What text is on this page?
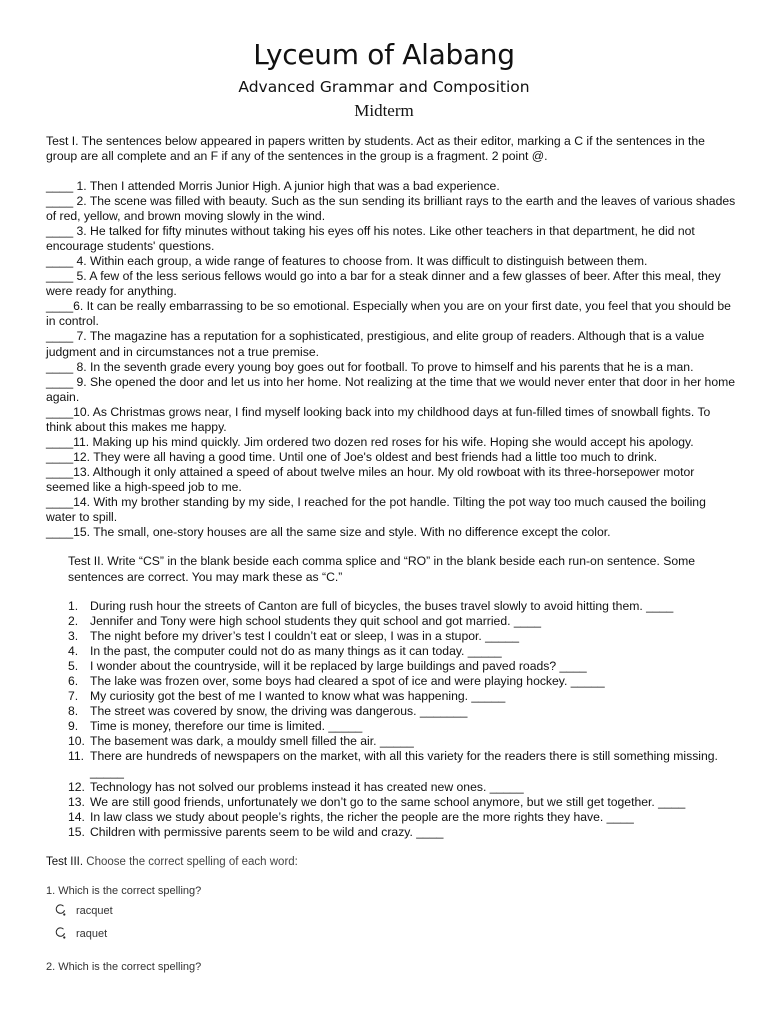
Lyceum of Alabang
Advanced Grammar and Composition
Midterm
Test I. The sentences below appeared in papers written by students. Act as their editor, marking a C if the sentences in the group are all complete and an F if any of the sentences in the group is a fragment. 2 point @.
____ 1. Then I attended Morris Junior High. A junior high that was a bad experience.
____ 2. The scene was filled with beauty. Such as the sun sending its brilliant rays to the earth and the leaves of various shades of red, yellow, and brown moving slowly in the wind.
____ 3. He talked for fifty minutes without taking his eyes off his notes. Like other teachers in that department, he did not encourage students' questions.
____ 4. Within each group, a wide range of features to choose from. It was difficult to distinguish between them.
____ 5. A few of the less serious fellows would go into a bar for a steak dinner and a few glasses of beer. After this meal, they were ready for anything.
____6. It can be really embarrassing to be so emotional. Especially when you are on your first date, you feel that you should be in control.
____ 7. The magazine has a reputation for a sophisticated, prestigious, and elite group of readers. Although that is a value judgment and in circumstances not a true premise.
____ 8. In the seventh grade every young boy goes out for football. To prove to himself and his parents that he is a man.
____ 9. She opened the door and let us into her home. Not realizing at the time that we would never enter that door in her home again.
____10. As Christmas grows near, I find myself looking back into my childhood days at fun-filled times of snowball fights. To think about this makes me happy.
____11. Making up his mind quickly. Jim ordered two dozen red roses for his wife. Hoping she would accept his apology.
____12. They were all having a good time. Until one of Joe's oldest and best friends had a little too much to drink.
____13. Although it only attained a speed of about twelve miles an hour. My old rowboat with its three-horsepower motor seemed like a high-speed job to me.
____14. With my brother standing by my side, I reached for the pot handle. Tilting the pot way too much caused the boiling water to spill.
____15. The small, one-story houses are all the same size and style. With no difference except the color.
Test II. Write “CS” in the blank beside each comma splice and “RO” in the blank beside each run-on sentence. Some sentences are correct. You may mark these as “C.”
1. During rush hour the streets of Canton are full of bicycles, the buses travel slowly to avoid hitting them. ____
2. Jennifer and Tony were high school students they quit school and got married. ____
3. The night before my driver’s test I couldn’t eat or sleep, I was in a stupor. _____
4. In the past, the computer could not do as many things as it can today. _____
5. I wonder about the countryside, will it be replaced by large buildings and paved roads? ____
6. The lake was frozen over, some boys had cleared a spot of ice and were playing hockey. _____
7. My curiosity got the best of me I wanted to know what was happening. _____
8. The street was covered by snow, the driving was dangerous. _______
9. Time is money, therefore our time is limited. _____
10. The basement was dark, a mouldy smell filled the air. _____
11. There are hundreds of newspapers on the market, with all this variety for the readers there is still something missing. _____
12. Technology has not solved our problems instead it has created new ones. _____
13. We are still good friends, unfortunately we don’t go to the same school anymore, but we still get together. ____
14. In law class we study about people’s rights, the richer the people are the more rights they have. ____
15. Children with permissive parents seem to be wild and crazy. ____
Test III. Choose the correct spelling of each word:
1. Which is the correct spelling?
racquet
raquet
2. Which is the correct spelling?
